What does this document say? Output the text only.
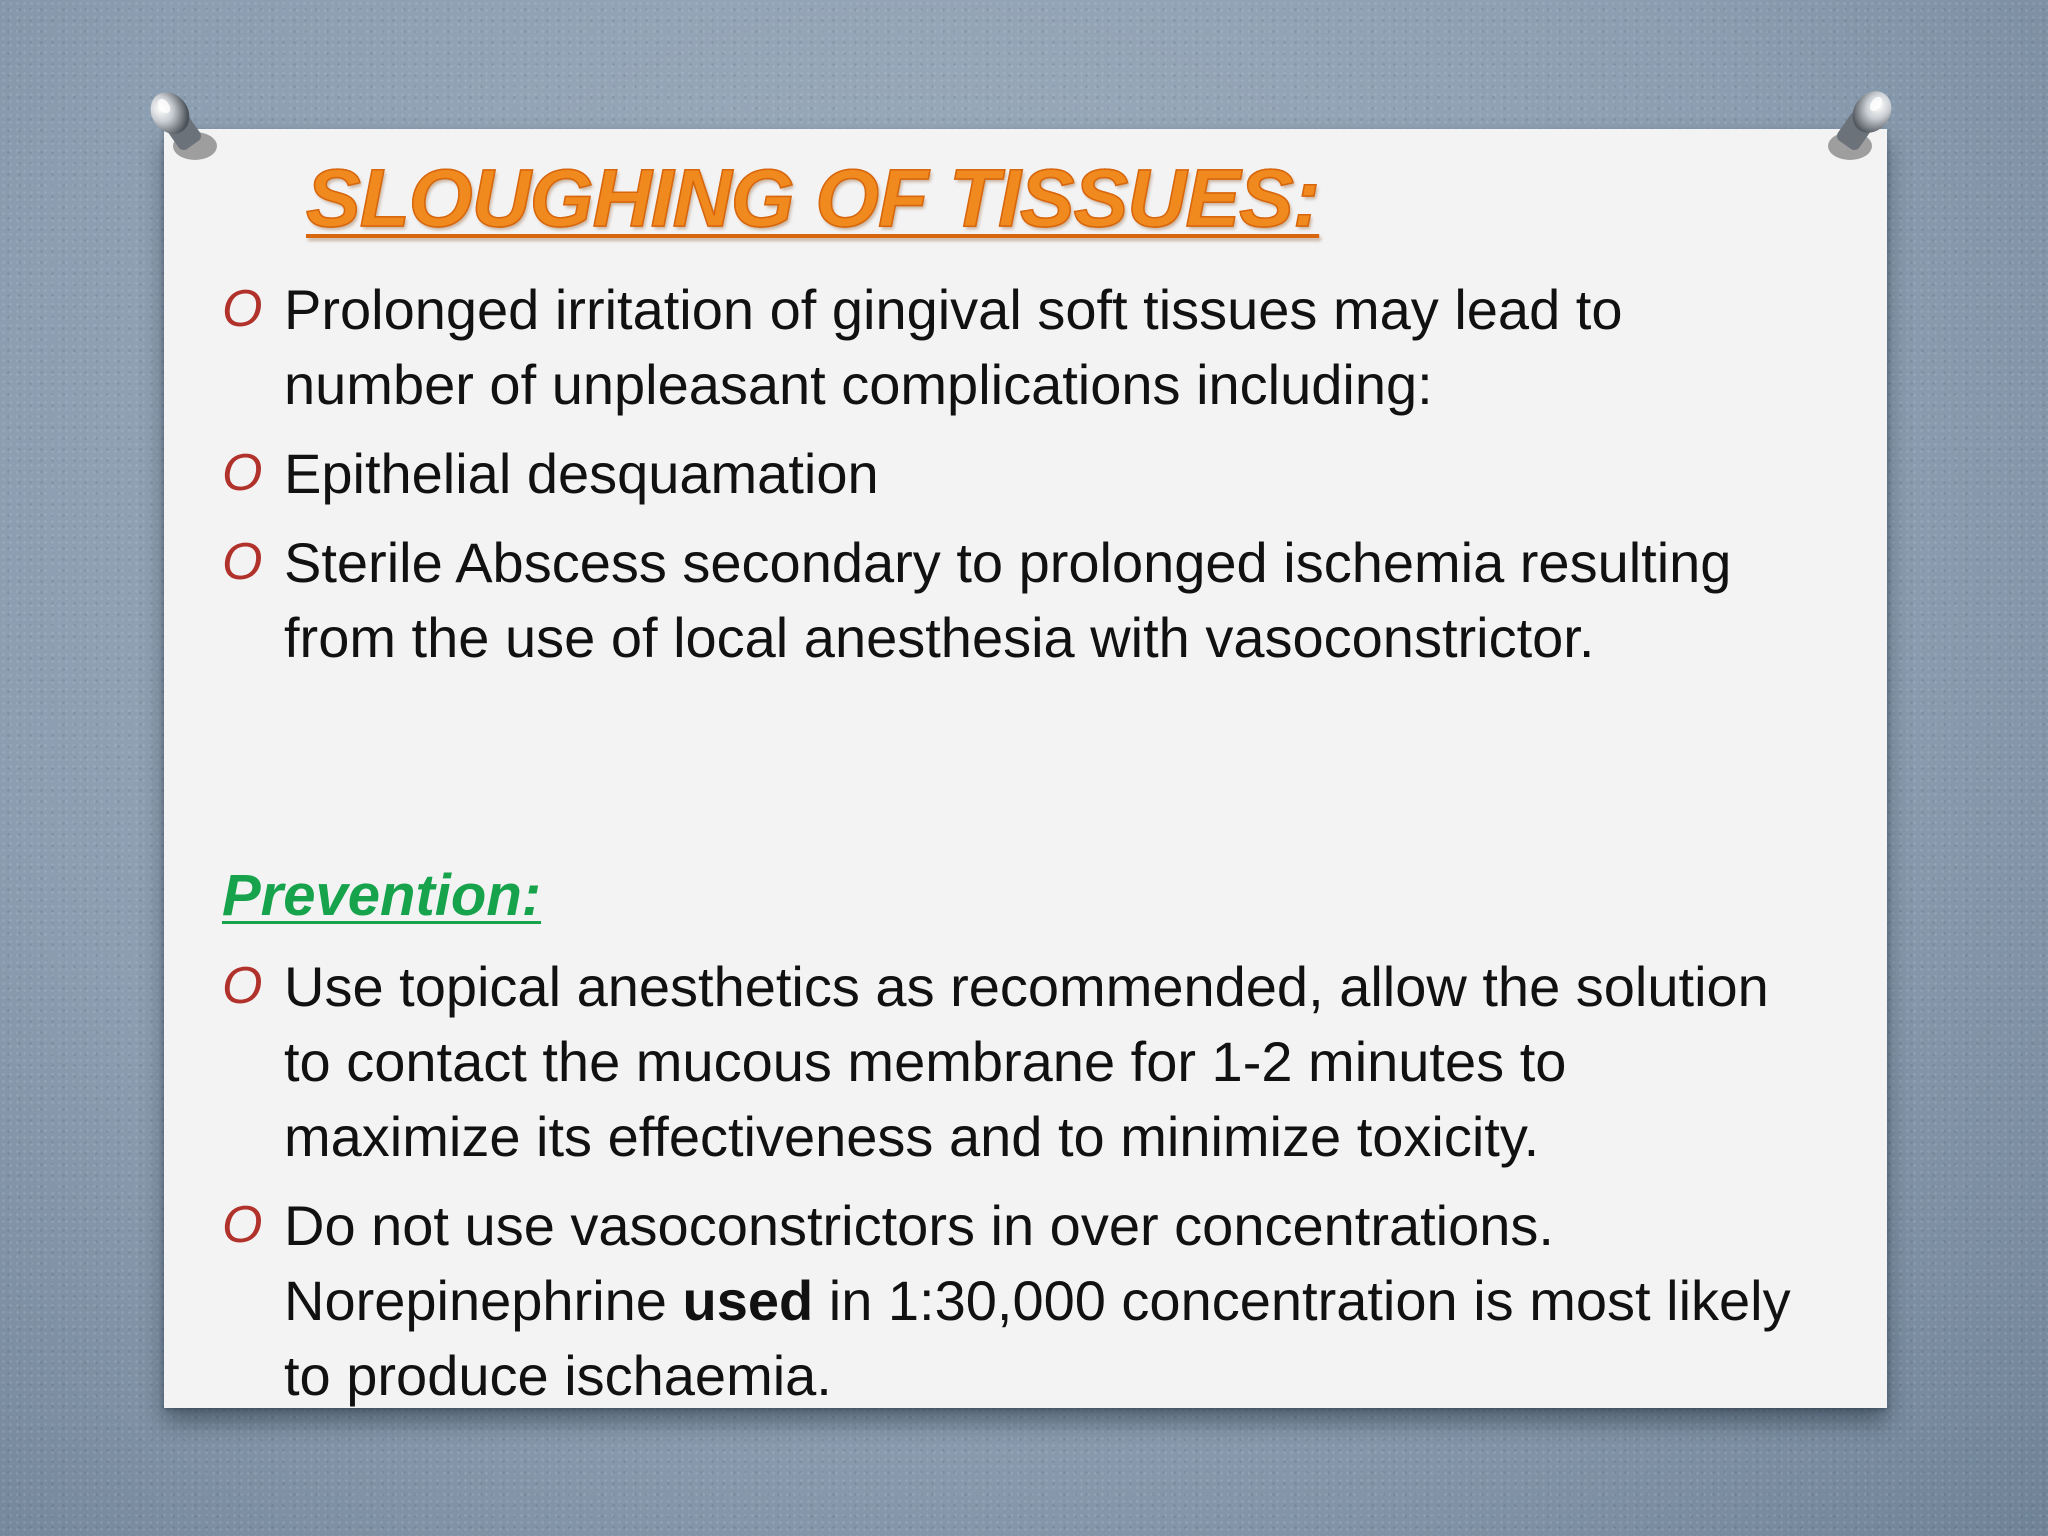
SLOUGHING OF TISSUES:
O Prolonged irritation of gingival soft tissues may lead to number of unpleasant complications including:
O Epithelial desquamation
O Sterile Abscess secondary to prolonged ischemia resulting from the use of local anesthesia with vasoconstrictor.
Prevention:
O Use topical anesthetics as recommended, allow the solution to contact the mucous membrane for 1-2 minutes to maximize its effectiveness and to minimize toxicity.
O Do not use vasoconstrictors in over concentrations. Norepinephrine used in 1:30,000 concentration is most likely to produce ischaemia.
